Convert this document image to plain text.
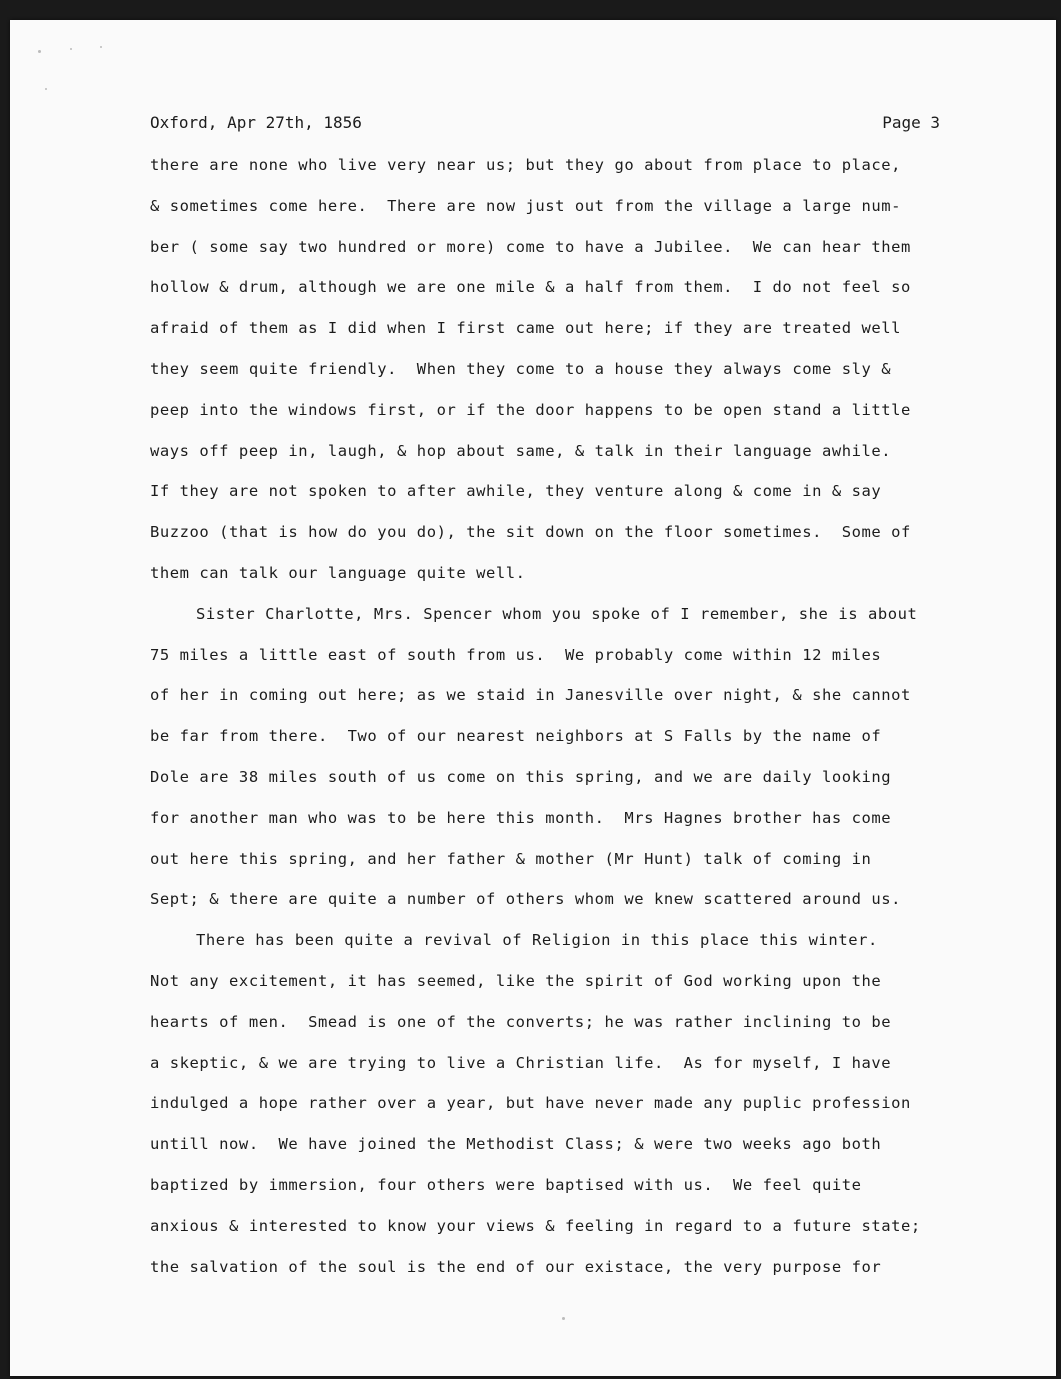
Oxford, Apr 27th, 1856	Page 3
there are none who live very near us; but they go about from place to place,
& sometimes come here.  There are now just out from the village a large num-
ber ( some say two hundred or more) come to have a Jubilee.  We can hear them
hollow & drum, although we are one mile & a half from them.  I do not feel so
afraid of them as I did when I first came out here; if they are treated well
they seem quite friendly.  When they come to a house they always come sly &
peep into the windows first, or if the door happens to be open stand a little
ways off peep in, laugh, & hop about same, & talk in their language awhile.
If they are not spoken to after awhile, they venture along & come in & say
Buzzoo (that is how do you do), the sit down on the floor sometimes.  Some of
them can talk our language quite well.
Sister Charlotte, Mrs. Spencer whom you spoke of I remember, she is about
75 miles a little east of south from us.  We probably come within 12 miles
of her in coming out here; as we staid in Janesville over night, & she cannot
be far from there.  Two of our nearest neighbors at S Falls by the name of
Dole are 38 miles south of us come on this spring, and we are daily looking
for another man who was to be here this month.  Mrs Hagnes brother has come
out here this spring, and her father & mother (Mr Hunt) talk of coming in
Sept; & there are quite a number of others whom we knew scattered around us.
There has been quite a revival of Religion in this place this winter.
Not any excitement, it has seemed, like the spirit of God working upon the
hearts of men.  Smead is one of the converts; he was rather inclining to be
a skeptic, & we are trying to live a Christian life.  As for myself, I have
indulged a hope rather over a year, but have never made any puplic profession
untill now.  We have joined the Methodist Class; & were two weeks ago both
baptized by immersion, four others were baptised with us.  We feel quite
anxious & interested to know your views & feeling in regard to a future state;
the salvation of the soul is the end of our existace, the very purpose for
